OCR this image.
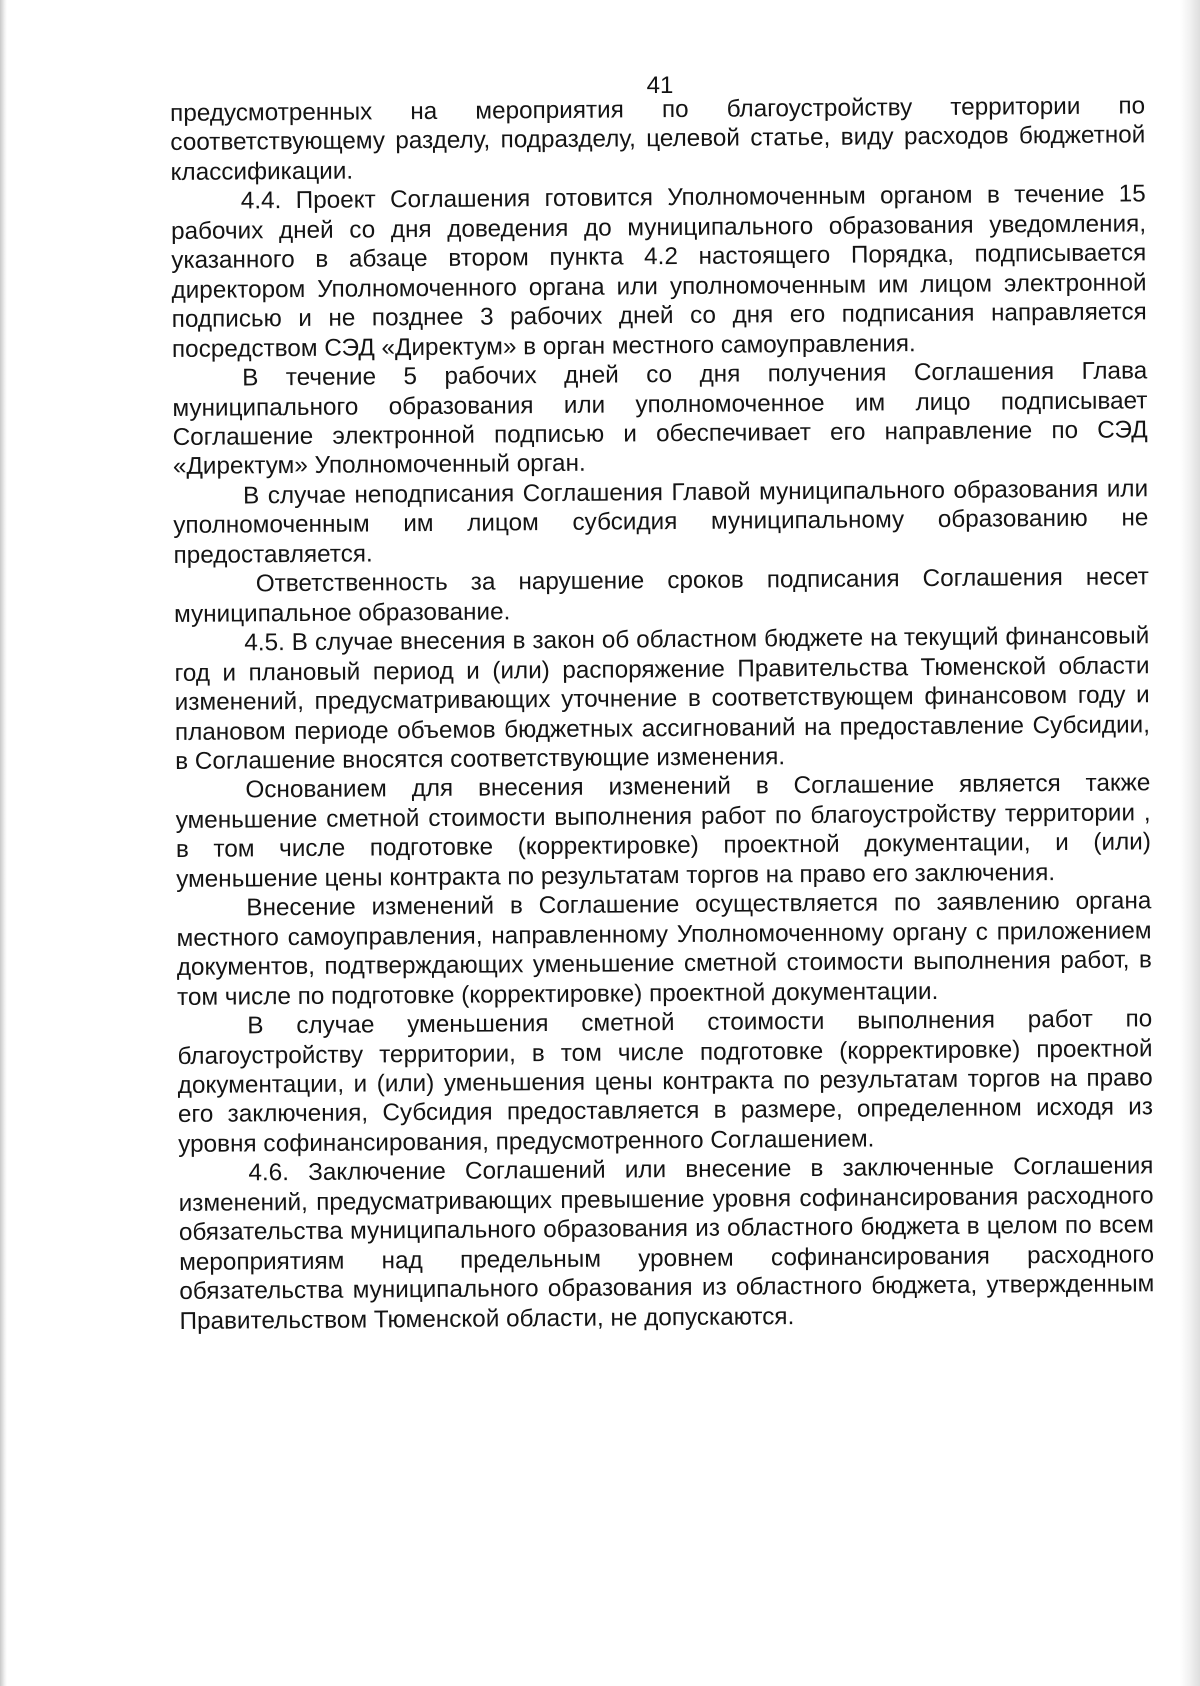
41

предусмотренных на мероприятия по благоустройству территории по соответствующему разделу, подразделу, целевой статье, виду расходов бюджетной классификации.

4.4. Проект Соглашения готовится Уполномоченным органом в течение 15 рабочих дней со дня доведения до муниципального образования уведомления, указанного в абзаце втором пункта 4.2 настоящего Порядка, подписывается директором Уполномоченного органа или уполномоченным им лицом электронной подписью и не позднее 3 рабочих дней со дня его подписания направляется посредством СЭД «Директум» в орган местного самоуправления.

В течение 5 рабочих дней со дня получения Соглашения Глава муниципального образования или уполномоченное им лицо подписывает Соглашение электронной подписью и обеспечивает его направление по СЭД «Директум» Уполномоченный орган.

В случае неподписания Соглашения Главой муниципального образования или уполномоченным им лицом субсидия муниципальному образованию не предоставляется.

Ответственность за нарушение сроков подписания Соглашения несет муниципальное образование.

4.5. В случае внесения в закон об областном бюджете на текущий финансовый год и плановый период и (или) распоряжение Правительства Тюменской области изменений, предусматривающих уточнение в соответствующем финансовом году и плановом периоде объемов бюджетных ассигнований на предоставление Субсидии, в Соглашение вносятся соответствующие изменения.

Основанием для внесения изменений в Соглашение является также уменьшение сметной стоимости выполнения работ по благоустройству территории , в том числе подготовке (корректировке) проектной документации, и (или) уменьшение цены контракта по результатам торгов на право его заключения.

Внесение изменений в Соглашение осуществляется по заявлению органа местного самоуправления, направленному Уполномоченному органу с приложением документов, подтверждающих уменьшение сметной стоимости выполнения работ, в том числе по подготовке (корректировке) проектной документации.

В случае уменьшения сметной стоимости выполнения работ по благоустройству территории, в том числе подготовке (корректировке) проектной документации, и (или) уменьшения цены контракта по результатам торгов на право его заключения, Субсидия предоставляется в размере, определенном исходя из уровня софинансирования, предусмотренного Соглашением.

4.6. Заключение Соглашений или внесение в заключенные Соглашения изменений, предусматривающих превышение уровня софинансирования расходного обязательства муниципального образования из областного бюджета в целом по всем мероприятиям над предельным уровнем софинансирования расходного обязательства муниципального образования из областного бюджета, утвержденным Правительством Тюменской области, не допускаются.
